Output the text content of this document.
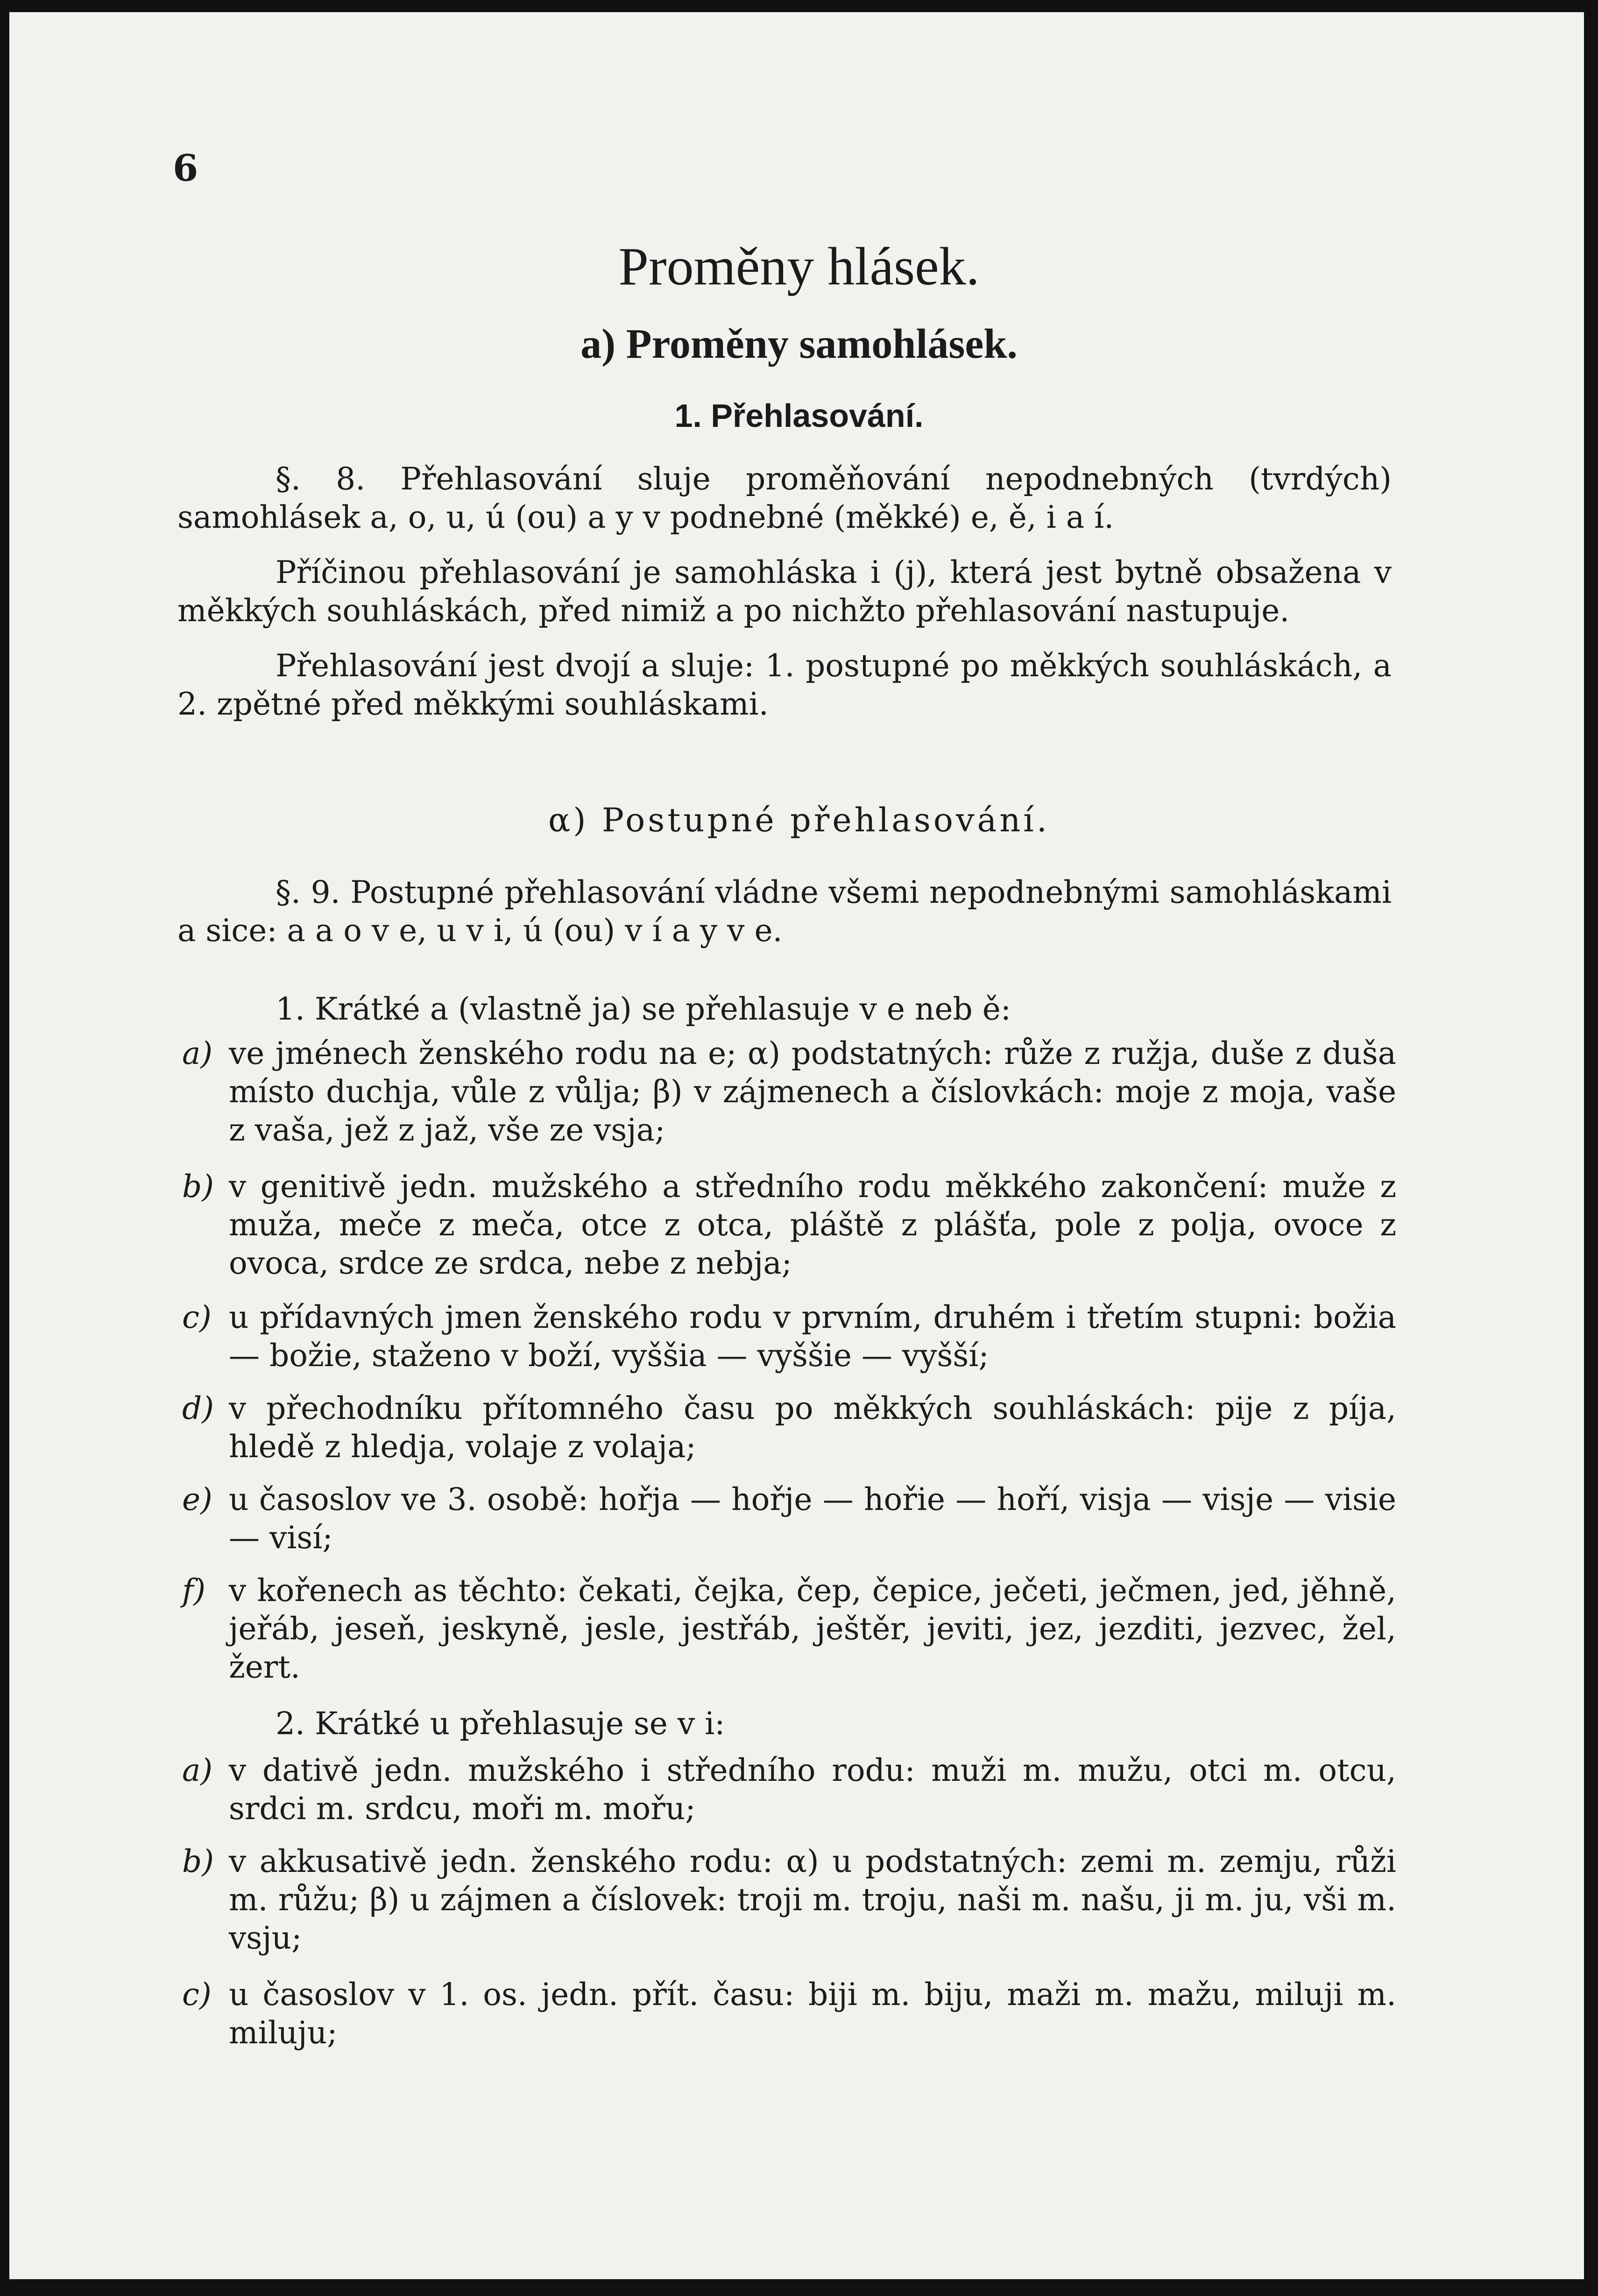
6
Proměny hlásek.
a) Proměny samohlásek.
1. Přehlasování.

§. 8. Přehlasování sluje proměňování nepodnebných (tvrdých) samohlásek a, o, u, ú (ou) a y v podnebné (měkké) e, ě, i a í.

Příčinou přehlasování je samohláska i (j), která jest bytně obsažena v měkkých souhláskách, před nimiž a po nichžto přehlasování nastupuje.

Přehlasování jest dvojí a sluje: 1. postupné po měkkých souhláskách, a 2. zpětné před měkkými souhláskami.

α) Postupné přehlasování.

§. 9. Postupné přehlasování vládne všemi nepodnebnými samohláskami a sice: a a o v e, u v i, ú (ou) v í a y v e.

1. Krátké a (vlastně ja) se přehlasuje v e neb ě:

a) ve jménech ženského rodu na e; α) podstatných: růže z ružja, duše z duša místo duchja, vůle z vůlja; β) v zájmenech a číslovkách: moje z moja, vaše z vaša, jež z jaž, vše ze vsja;

b) v genitivě jedn. mužského a středního rodu měkkého zakončení: muže z muža, meče z meča, otce z otca, pláště z plášťa, pole z polja, ovoce z ovoca, srdce ze srdca, nebe z nebja;

c) u přídavných jmen ženského rodu v prvním, druhém i třetím stupni: božia — božie, staženo v boží, vyššia — vyššie — vyšší;

d) v přechodníku přítomného času po měkkých souhláskách: pije z píja, hledě z hledja, volaje z volaja;

e) u časoslov ve 3. osobě: hořja — hořje — hořie — hoří, visja — visje — visie — visí;

f) v kořenech as těchto: čekati, čejka, čep, čepice, ječeti, ječmen, jed, jěhně, jeřáb, jeseň, jeskyně, jesle, jestřáb, ještěr, jeviti, jez, jezditi, jezvec, žel, žert.

2. Krátké u přehlasuje se v i:

a) v dativě jedn. mužského i středního rodu: muži m. mužu, otci m. otcu, srdci m. srdcu, moři m. mořu;

b) v akkusativě jedn. ženského rodu: α) u podstatných: zemi m. zemju, růži m. růžu; β) u zájmen a číslovek: troji m. troju, naši m. našu, ji m. ju, vši m. vsju;

c) u časoslov v 1. os. jedn. přít. času: biji m. biju, maži m. mažu, miluji m. miluju;
